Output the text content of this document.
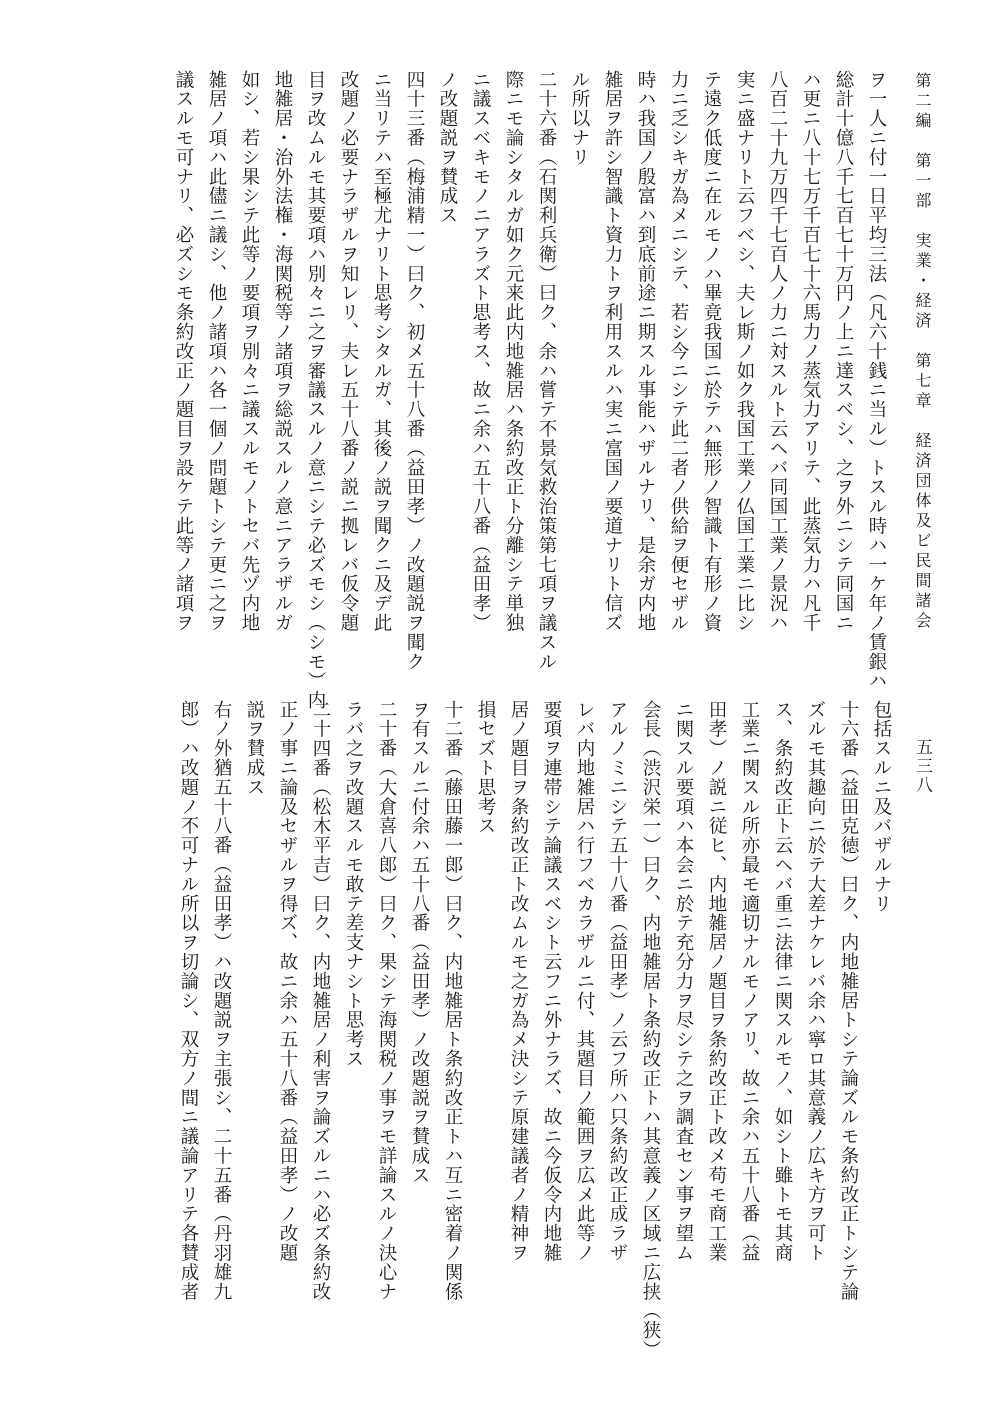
第二編　第一部　実業・経済　第七章　経済団体及ビ民間諸会
五三八
ヲ一人ニ付一日平均三法（凡六十銭ニ当ル）トスル時ハ一ケ年ノ賃銀ハ
総計十億八千七百七十万円ノ上ニ達スベシ、之ヲ外ニシテ同国ニ
ハ更ニ八十七万千百七十六馬力ノ蒸気力アリテ、此蒸気力ハ凡千
八百二十九万四千七百人ノ力ニ対スルト云ヘバ同国工業ノ景況ハ
実ニ盛ナリト云フベシ、夫レ斯ノ如ク我国工業ノ仏国工業ニ比シ
テ遠ク低度ニ在ルモノハ畢竟我国ニ於テハ無形ノ智識ト有形ノ資
力ニ乏シキガ為メニシテ、若シ今ニシテ此二者ノ供給ヲ便セザル
時ハ我国ノ殷富ハ到底前途ニ期スル事能ハザルナリ、是余ガ内地
雑居ヲ許シ智識ト資力トヲ利用スルハ実ニ富国ノ要道ナリト信ズ
ル所以ナリ
二十六番（石関利兵衛）曰ク、余ハ嘗テ不景気救治策第七項ヲ議スル
際ニモ論シタルガ如ク元来此内地雑居ハ条約改正ト分離シテ単独
ニ議スベキモノニアラズト思考ス、故ニ余ハ五十八番（益田孝）
ノ改題説ヲ賛成ス
四十三番（梅浦精一）曰ク、初メ五十八番（益田孝）ノ改題説ヲ聞ク
ニ当リテハ至極尤ナリト思考シタルガ、其後ノ説ヲ聞クニ及デ此
改題ノ必要ナラザルヲ知レリ、夫レ五十八番ノ説ニ拠レバ仮令題
目ヲ改ムルモ其要項ハ別々ニ之ヲ審議スルノ意ニシテ必ズモシ（シモ）内
地雑居・治外法権・海関税等ノ諸項ヲ総説スルノ意ニアラザルガ
如シ、若シ果シテ此等ノ要項ヲ別々ニ議スルモノトセバ先ヅ内地
雑居ノ項ハ此儘ニ議シ、他ノ諸項ハ各一個ノ問題トシテ更ニ之ヲ
議スルモ可ナリ、必ズシモ条約改正ノ題目ヲ設ケテ此等ノ諸項ヲ
包括スルニ及バザルナリ
十六番（益田克徳）曰ク、内地雑居トシテ論ズルモ条約改正トシテ論
ズルモ其趣向ニ於テ大差ナケレバ余ハ寧ロ其意義ノ広キ方ヲ可ト
ス、条約改正ト云ヘバ重ニ法律ニ関スルモノ、如シト雖トモ其商
工業ニ関スル所亦最モ適切ナルモノアリ、故ニ余ハ五十八番（益
田孝）ノ説ニ従ヒ、内地雑居ノ題目ヲ条約改正ト改メ苟モ商工業
ニ関スル要項ハ本会ニ於テ充分力ヲ尽シテ之ヲ調査セン事ヲ望ム
会長（渋沢栄一）曰ク、内地雑居ト条約改正トハ其意義ノ区域ニ広挟（狭）
アルノミニシテ五十八番（益田孝）ノ云フ所ハ只条約改正成ラザ
レバ内地雑居ハ行フベカラザルニ付、其題目ノ範囲ヲ広メ此等ノ
要項ヲ連帯シテ論議スベシト云フニ外ナラズ、故ニ今仮令内地雑
居ノ題目ヲ条約改正ト改ムルモ之ガ為メ決シテ原建議者ノ精神ヲ
損セズト思考ス
十二番（藤田藤一郎）曰ク、内地雑居ト条約改正トハ互ニ密着ノ関係
ヲ有スルニ付余ハ五十八番（益田孝）ノ改題説ヲ賛成ス
二十番（大倉喜八郎）曰ク、果シテ海関税ノ事ヲモ詳論スルノ決心ナ
ラバ之ヲ改題スルモ敢テ差支ナシト思考ス
二十四番（松木平吉）曰ク、内地雑居ノ利害ヲ論ズルニハ必ズ条約改
正ノ事ニ論及セザルヲ得ズ、故ニ余ハ五十八番（益田孝）ノ改題
説ヲ賛成ス
右ノ外猶五十八番（益田孝）ハ改題説ヲ主張シ、二十五番（丹羽雄九
郎）ハ改題ノ不可ナル所以ヲ切論シ、双方ノ間ニ議論アリテ各賛成者
